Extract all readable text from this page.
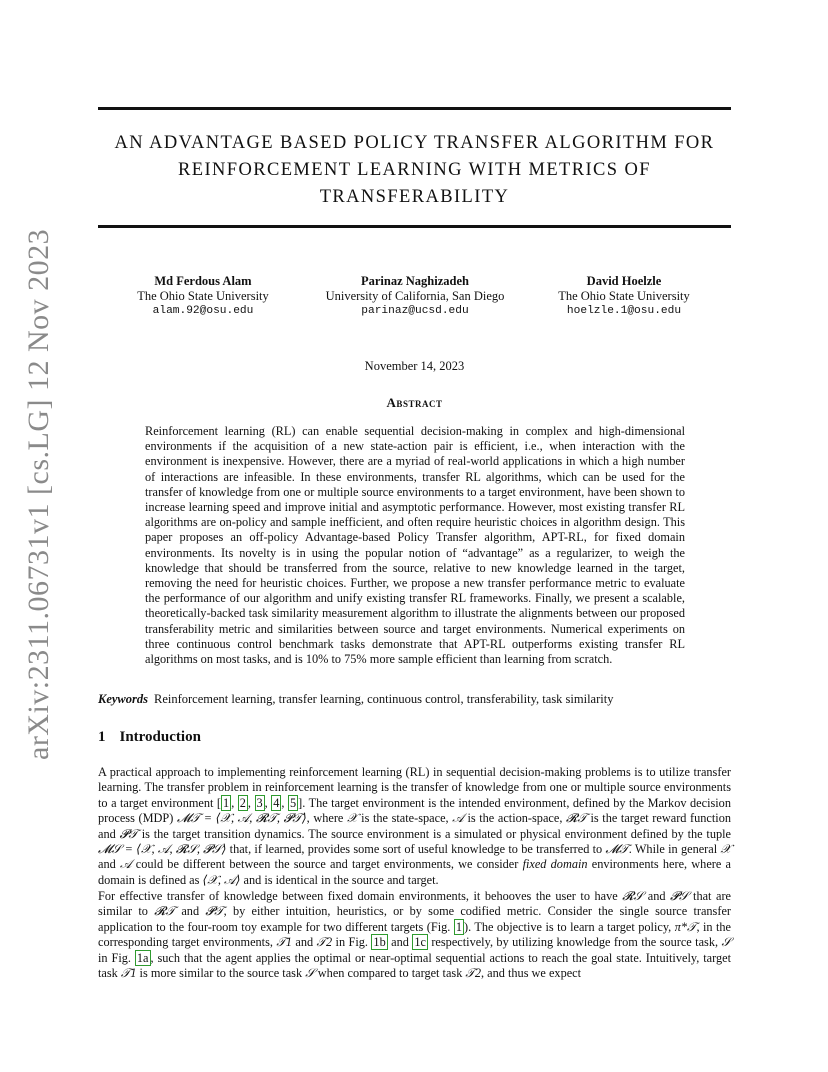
arXiv:2311.06731v1 [cs.LG] 12 Nov 2023
AN ADVANTAGE BASED POLICY TRANSFER ALGORITHM FOR REINFORCEMENT LEARNING WITH METRICS OF TRANSFERABILITY
Md Ferdous Alam
The Ohio State University
alam.92@osu.edu
Parinaz Naghizadeh
University of California, San Diego
parinaz@ucsd.edu
David Hoelzle
The Ohio State University
hoelzle.1@osu.edu
November 14, 2023
Abstract

Reinforcement learning (RL) can enable sequential decision-making in complex and high-dimensional environments if the acquisition of a new state-action pair is efficient, i.e., when interaction with the environment is inexpensive. However, there are a myriad of real-world applications in which a high number of interactions are infeasible. In these environments, transfer RL algorithms, which can be used for the transfer of knowledge from one or multiple source environments to a target environment, have been shown to increase learning speed and improve initial and asymptotic performance. However, most existing transfer RL algorithms are on-policy and sample inefficient, and often require heuristic choices in algorithm design. This paper proposes an off-policy Advantage-based Policy Transfer algorithm, APT-RL, for fixed domain environments. Its novelty is in using the popular notion of “advantage” as a regularizer, to weigh the knowledge that should be transferred from the source, relative to new knowledge learned in the target, removing the need for heuristic choices. Further, we propose a new transfer performance metric to evaluate the performance of our algorithm and unify existing transfer RL frameworks. Finally, we present a scalable, theoretically-backed task similarity measurement algorithm to illustrate the alignments between our proposed transferability metric and similarities between source and target environments. Numerical experiments on three continuous control benchmark tasks demonstrate that APT-RL outperforms existing transfer RL algorithms on most tasks, and is 10% to 75% more sample efficient than learning from scratch.

Keywords Reinforcement learning, transfer learning, continuous control, transferability, task similarity
1 Introduction

A practical approach to implementing reinforcement learning (RL) in sequential decision-making problems is to utilize transfer learning. The transfer problem in reinforcement learning is the transfer of knowledge from one or multiple source environments to a target environment [ 1 , 2 , 3 , 4 , 5 ]. The target environment is the intended environment, defined by the Markov decision process (MDP) 𝓜𝒯 = ⟨𝒳, 𝒜, 𝓡𝒯, 𝓟𝒯⟩, where 𝒳 is the state-space, 𝒜 is the action-space, 𝓡𝒯 is the target reward function and 𝓟𝒯 is the target transition dynamics. The source environment is a simulated or physical environment defined by the tuple 𝓜𝒮 = ⟨𝒳, 𝒜, 𝓡𝒮, 𝓟𝒮⟩ that, if learned, provides some sort of useful knowledge to be transferred to 𝓜𝒯. While in general 𝒳 and 𝒜 could be different between the source and target environments, we consider fixed domain environments here, where a domain is defined as ⟨𝒳, 𝒜⟩ and is identical in the source and target.

For effective transfer of knowledge between fixed domain environments, it behooves the user to have 𝓡𝒮 and 𝓟𝒮 that are similar to 𝓡𝒯 and 𝓟𝒯, by either intuition, heuristics, or by some codified metric. Consider the single source transfer application to the four-room toy example for two different targets (Fig. 1 ). The objective is to learn a target policy, π*𝒯, in the corresponding target environments, 𝒯1 and 𝒯2 in Fig. 1b and 1c respectively, by utilizing knowledge from the source task, 𝒮 in Fig. 1a , such that the agent applies the optimal or near-optimal sequential actions to reach the goal state. Intuitively, target task 𝒯1 is more similar to the source task 𝒮 when compared to target task 𝒯2, and thus we expect
